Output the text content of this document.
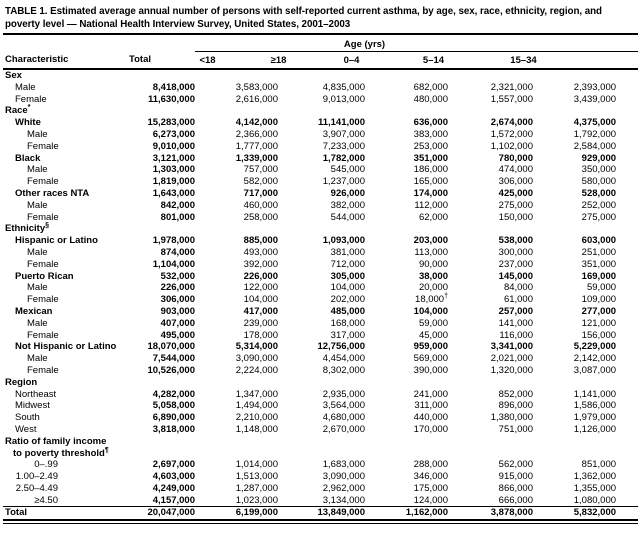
TABLE 1. Estimated average annual number of persons with self-reported current asthma, by age, sex, race, ethnicity, region, and poverty level — National Health Interview Survey, United States, 2001–2003
		Age (yrs)				
Characteristic	Total	<18	≥18	0–4	5–14	15–34
Sex						
Male	8,418,000	3,583,000	4,835,000	682,000	2,321,000	2,393,000
Female	11,630,000	2,616,000	9,013,000	480,000	1,557,000	3,439,000
Race*
White	15,283,000	4,142,000	11,141,000	636,000	2,674,000	4,375,000
Male	6,273,000	2,366,000	3,907,000	383,000	1,572,000	1,792,000
Female	9,010,000	1,777,000	7,233,000	253,000	1,102,000	2,584,000
Black	3,121,000	1,339,000	1,782,000	351,000	780,000	929,000
Male	1,303,000	757,000	545,000	186,000	474,000	350,000
Female	1,819,000	582,000	1,237,000	165,000	306,000	580,000
Other races NTA	1,643,000	717,000	926,000	174,000	425,000	528,000
Male	842,000	460,000	382,000	112,000	275,000	252,000
Female	801,000	258,000	544,000	62,000	150,000	275,000
Ethnicity§
Hispanic or Latino	1,978,000	885,000	1,093,000	203,000	538,000	603,000
Male	874,000	493,000	381,000	113,000	300,000	251,000
Female	1,104,000	392,000	712,000	90,000	237,000	351,000
Puerto Rican	532,000	226,000	305,000	38,000	145,000	169,000
Male	226,000	122,000	104,000	20,000	84,000	59,000
Female	306,000	104,000	202,000	18,000†	61,000	109,000
Mexican	903,000	417,000	485,000	104,000	257,000	277,000
Male	407,000	239,000	168,000	59,000	141,000	121,000
Female	495,000	178,000	317,000	45,000	116,000	156,000
Not Hispanic or Latino	18,070,000	5,314,000	12,756,000	959,000	3,341,000	5,229,000
Male	7,544,000	3,090,000	4,454,000	569,000	2,021,000	2,142,000
Female	10,526,000	2,224,000	8,302,000	390,000	1,320,000	3,087,000
Region						
Northeast	4,282,000	1,347,000	2,935,000	241,000	852,000	1,141,000
Midwest	5,058,000	1,494,000	3,564,000	311,000	896,000	1,586,000
South	6,890,000	2,210,000	4,680,000	440,000	1,380,000	1,979,000
West	3,818,000	1,148,000	2,670,000	170,000	751,000	1,126,000

Ratio of family income
to poverty threshold¶

0–.99	2,697,000	1,014,000	1,683,000	288,000	562,000	851,000
1.00–2.49	4,603,000	1,513,000	3,090,000	346,000	915,000	1,362,000
2.50–4.49	4,249,000	1,287,000	2,962,000	175,000	866,000	1,355,000
≥4.50	4,157,000	1,023,000	3,134,000	124,000	666,000	1,080,000
Total	20,047,000	6,199,000	13,849,000	1,162,000	3,878,000	5,832,000
